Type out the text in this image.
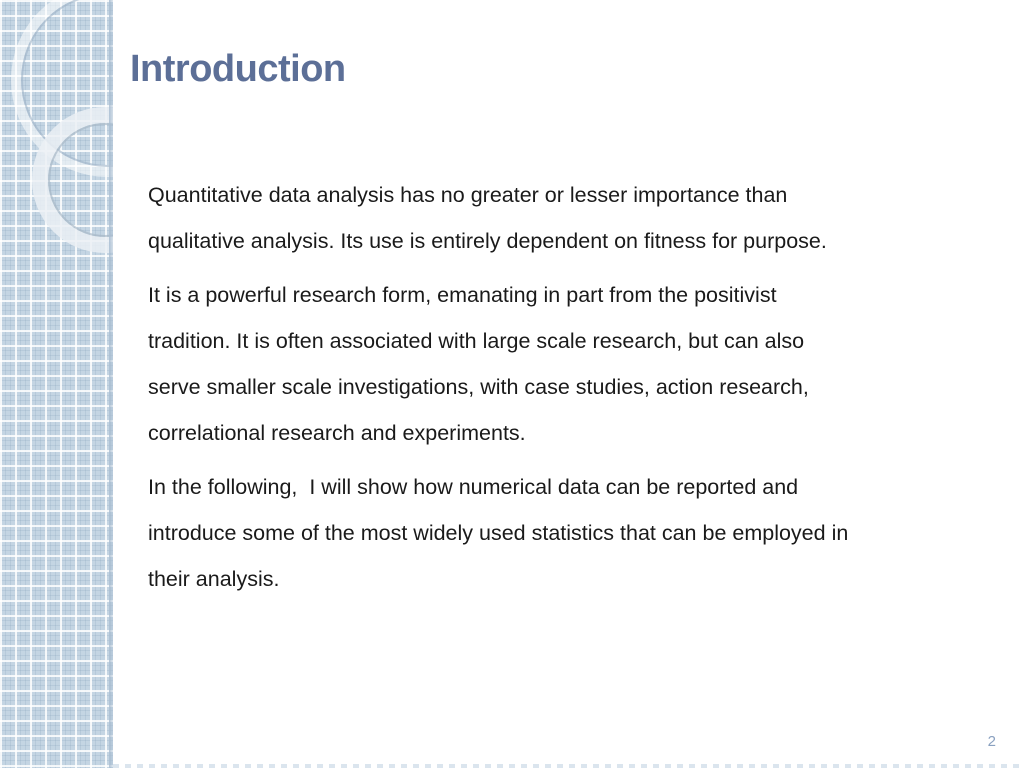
Introduction

Quantitative data analysis has no greater or lesser importance than
qualitative analysis. Its use is entirely dependent on fitness for purpose.

It is a powerful research form, emanating in part from the positivist
tradition. It is often associated with large scale research, but can also
serve smaller scale investigations, with case studies, action research,
correlational research and experiments.

In the following,  I will show how numerical data can be reported and
introduce some of the most widely used statistics that can be employed in
their analysis.

2
